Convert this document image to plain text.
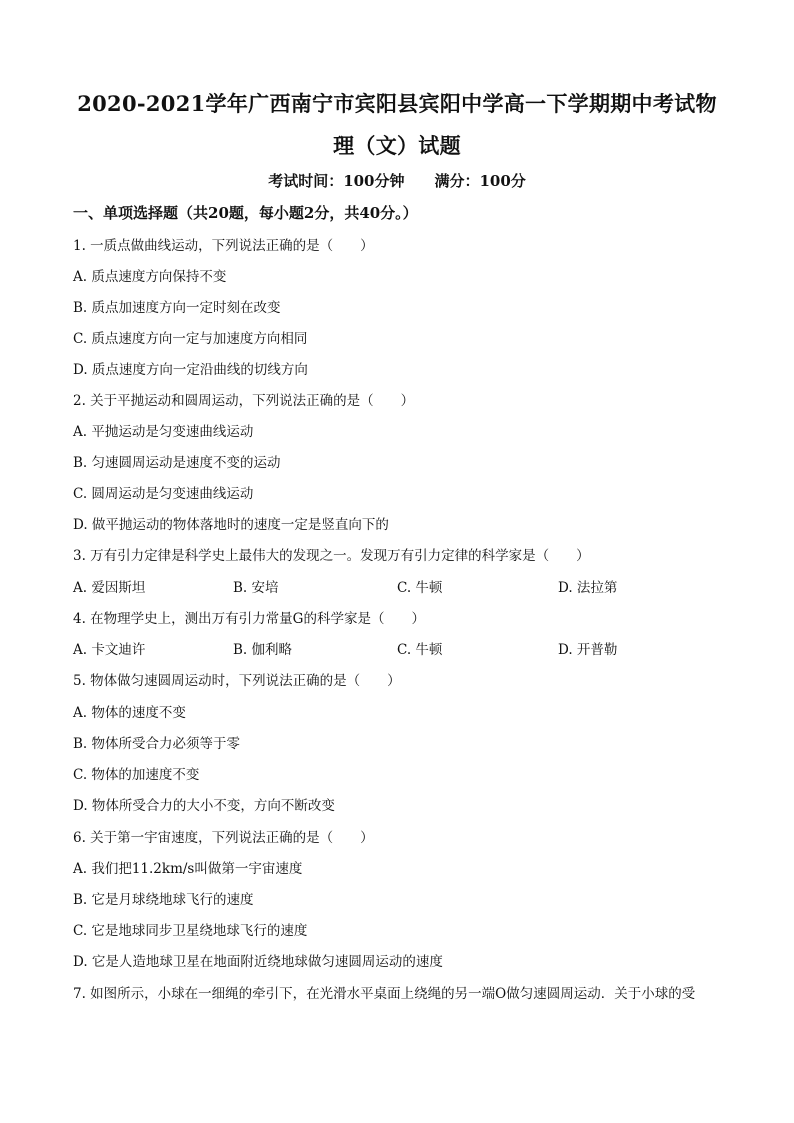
2020-2021学年广西南宁市宾阳县宾阳中学高一下学期期中考试物
理（文）试题
考试时间：100分钟 满分：100分
一、单项选择题（共20题，每小题2分，共40分。）
1. 一质点做曲线运动，下列说法正确的是（　　）
A. 质点速度方向保持不变
B. 质点加速度方向一定时刻在改变
C. 质点速度方向一定与加速度方向相同
D. 质点速度方向一定沿曲线的切线方向
2. 关于平抛运动和圆周运动，下列说法正确的是（　　）
A. 平抛运动是匀变速曲线运动
B. 匀速圆周运动是速度不变的运动
C. 圆周运动是匀变速曲线运动
D. 做平抛运动的物体落地时的速度一定是竖直向下的
3. 万有引力定律是科学史上最伟大的发现之一。发现万有引力定律的科学家是（　　）
A. 爱因斯坦	B. 安培	C. 牛顿	D. 法拉第
4. 在物理学史上，测出万有引力常量G的科学家是（　　）
A. 卡文迪许	B. 伽利略	C. 牛顿	D. 开普勒
5. 物体做匀速圆周运动时，下列说法正确的是（　　）
A. 物体的速度不变
B. 物体所受合力必须等于零
C. 物体的加速度不变
D. 物体所受合力的大小不变，方向不断改变
6. 关于第一宇宙速度，下列说法正确的是（　　）
A. 我们把11.2km/s叫做第一宇宙速度
B. 它是月球绕地球飞行的速度
C. 它是地球同步卫星绕地球飞行的速度
D. 它是人造地球卫星在地面附近绕地球做匀速圆周运动的速度
7. 如图所示，小球在一细绳的牵引下，在光滑水平桌面上绕绳的另一端O做匀速圆周运动．关于小球的受
